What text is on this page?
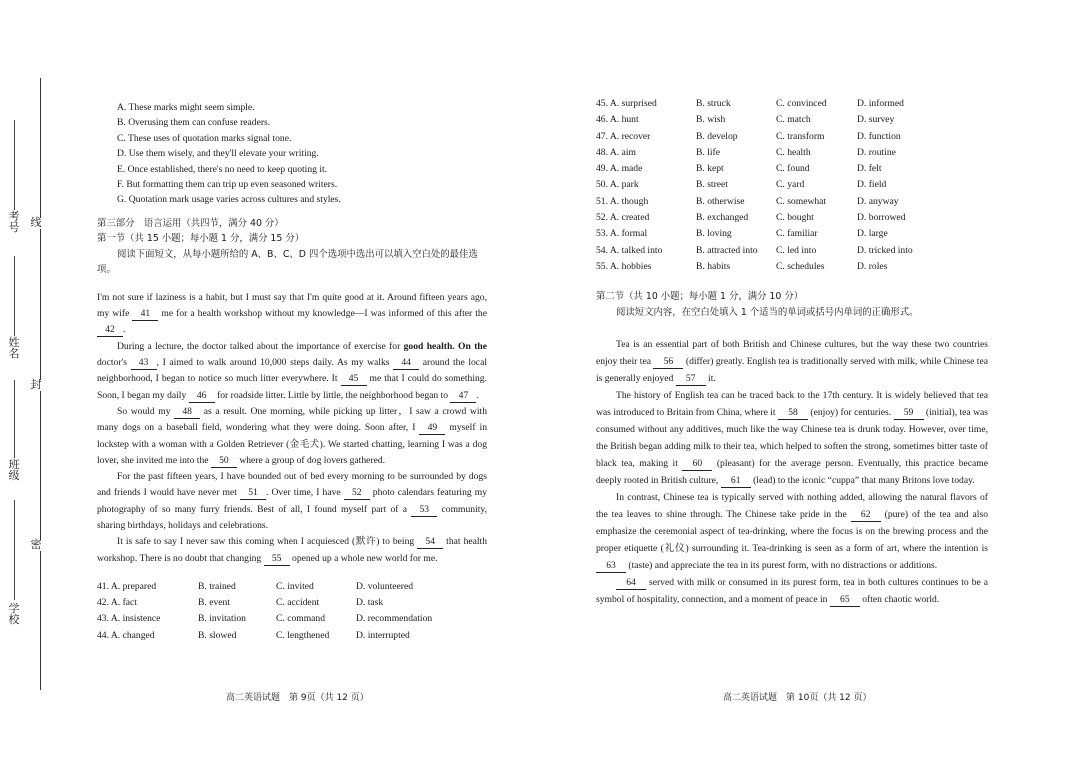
考号
姓名
班级
学校
线
封
密
A. These marks might seem simple.
B. Overusing them can confuse readers.
C. These uses of quotation marks signal tone.
D. Use them wisely, and they'll elevate your writing.
E. Once established, there's no need to keep quoting it.
F. But formatting them can trip up even seasoned writers.
G. Quotation mark usage varies across cultures and styles.
第三部分　语言运用（共四节，满分 40 分）
第一节（共 15 小题；每小题 1 分，满分 15 分）
阅读下面短文，从每小题所给的 A、B、C、D 四个选项中选出可以填入空白处的最佳选项。

I'm not sure if laziness is a habit, but I must say that I'm quite good at it. Around fifteen years ago, my wife 41 me for a health workshop without my knowledge—I was informed of this after the 42 .

During a lecture, the doctor talked about the importance of exercise for good health. On the doctor's 43 , I aimed to walk around 10,000 steps daily. As my walks 44 around the local neighborhood, I began to notice so much litter everywhere. It 45 me that I could do something. Soon, I began my daily 46 for roadside litter. Little by little, the neighborhood began to 47 .

So would my 48 as a result. One morning, while picking up litter，I saw a crowd with many dogs on a baseball field, wondering what they were doing. Soon after, I 49 myself in lockstep with a woman with a Golden Retriever (金毛犬). We started chatting, learning I was a dog lover, she invited me into the 50 where a group of dog lovers gathered.

For the past fifteen years, I have bounded out of bed every morning to be surrounded by dogs and friends I would have never met 51 . Over time, I have 52 photo calendars featuring my photography of so many furry friends. Best of all, I found myself part of a 53 community, sharing birthdays, holidays and celebrations.

It is safe to say I never saw this coming when I acquiesced (默许) to being 54 that health workshop. There is no doubt that changing 55 opened up a whole new world for me.

41. A. prepared	B. trained	C. invited	D. volunteered
42. A. fact	B. event	C. accident	D. task
43. A. insistence	B. invitation	C. command	D. recommendation
44. A. changed	B. slowed	C. lengthened	D. interrupted
高二英语试题　第 9页（共 12 页）
45. A. surprised	B. struck	C. convinced	D. informed
46. A. hunt	B. wish	C. match	D. survey
47. A. recover	B. develop	C. transform	D. function
48. A. aim	B. life	C. health	D. routine
49. A. made	B. kept	C. found	D. felt
50. A. park	B. street	C. yard	D. field
51. A. though	B. otherwise	C. somewhat	D. anyway
52. A. created	B. exchanged	C. bought	D. borrowed
53. A. formal	B. loving	C. familiar	D. large
54. A. talked into	B. attracted into	C. led into	D. tricked into
55. A. hobbies	B. habits	C. schedules	D. roles
第二节（共 10 小题；每小题 1 分，满分 10 分）
阅读短文内容，在空白处填入 1 个适当的单词或括号内单词的正确形式。

Tea is an essential part of both British and Chinese cultures, but the way these two countries enjoy their tea 56 (differ) greatly. English tea is traditionally served with milk, while Chinese tea is generally enjoyed 57 it.

The history of English tea can be traced back to the 17th century. It is widely believed that tea was introduced to Britain from China, where it 58 (enjoy) for centuries. 59 (initial), tea was consumed without any additives, much like the way Chinese tea is drunk today. However, over time, the British began adding milk to their tea, which helped to soften the strong, sometimes bitter taste of black tea, making it 60 (pleasant) for the average person. Eventually, this practice became deeply rooted in British culture, 61 (lead) to the iconic “cuppa” that many Britons love today.

In contrast, Chinese tea is typically served with nothing added, allowing the natural flavors of the tea leaves to shine through. The Chinese take pride in the 62 (pure) of the tea and also emphasize the ceremonial aspect of tea-drinking, where the focus is on the brewing process and the proper etiquette (礼仪) surrounding it. Tea-drinking is seen as a form of art, where the intention is 63 (taste) and appreciate the tea in its purest form, with no distractions or additions.

64 served with milk or consumed in its purest form, tea in both cultures continues to be a symbol of hospitality, connection, and a moment of peace in 65 often chaotic world.

高二英语试题　第 10页（共 12 页）
